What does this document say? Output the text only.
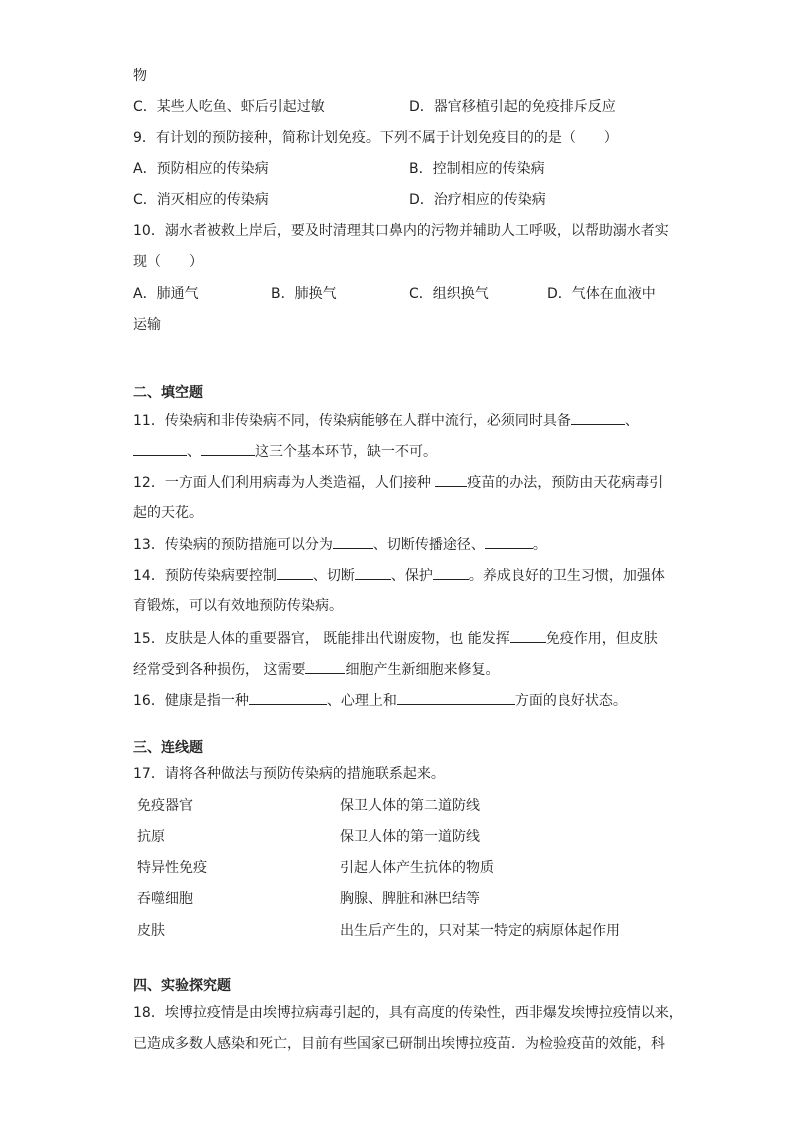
物
C．某些人吃鱼、虾后引起过敏	D．器官移植引起的免疫排斥反应
9．有计划的预防接种，简称计划免疫。下列不属于计划免疫目的的是（　　）
A．预防相应的传染病	B．控制相应的传染病
C．消灭相应的传染病	D．治疗相应的传染病
10．溺水者被救上岸后，要及时清理其口鼻内的污物并辅助人工呼吸，以帮助溺水者实
现（　　）
A．肺通气	B．肺换气	C．组织换气	D．气体在血液中
运输
二、填空题
11．传染病和非传染病不同，传染病能够在人群中流行，必须同时具备	、
、	这三个基本环节，缺一不可。
12．一方面人们利用病毒为人类造福，人们接种 疫苗的办法，预防由天花病毒引
起的天花。
13．传染病的预防措施可以分为	、切断传播途径、	。
14．预防传染病要控制	、切断	、保护	。养成良好的卫生习惯，加强体
育锻炼，可以有效地预防传染病。
15．皮肤是人体的重要器官， 既能排出代谢废物，也 能发挥	免疫作用，但皮肤
经常受到各种损伤， 这需要	细胞产生新细胞来修复。
16．健康是指一种	、心理上和	方面的良好状态。
三、连线题
17．请将各种做法与预防传染病的措施联系起来。
免疫器官	保卫人体的第二道防线
抗原	保卫人体的第一道防线
特异性免疫	引起人体产生抗体的物质
吞噬细胞	胸腺、脾脏和淋巴结等
皮肤	出生后产生的，只对某一特定的病原体起作用
四、实验探究题
18．埃博拉疫情是由埃博拉病毒引起的，具有高度的传染性，西非爆发埃博拉疫情以来，
已造成多数人感染和死亡，目前有些国家已研制出埃博拉疫苗．为检验疫苗的效能，科
